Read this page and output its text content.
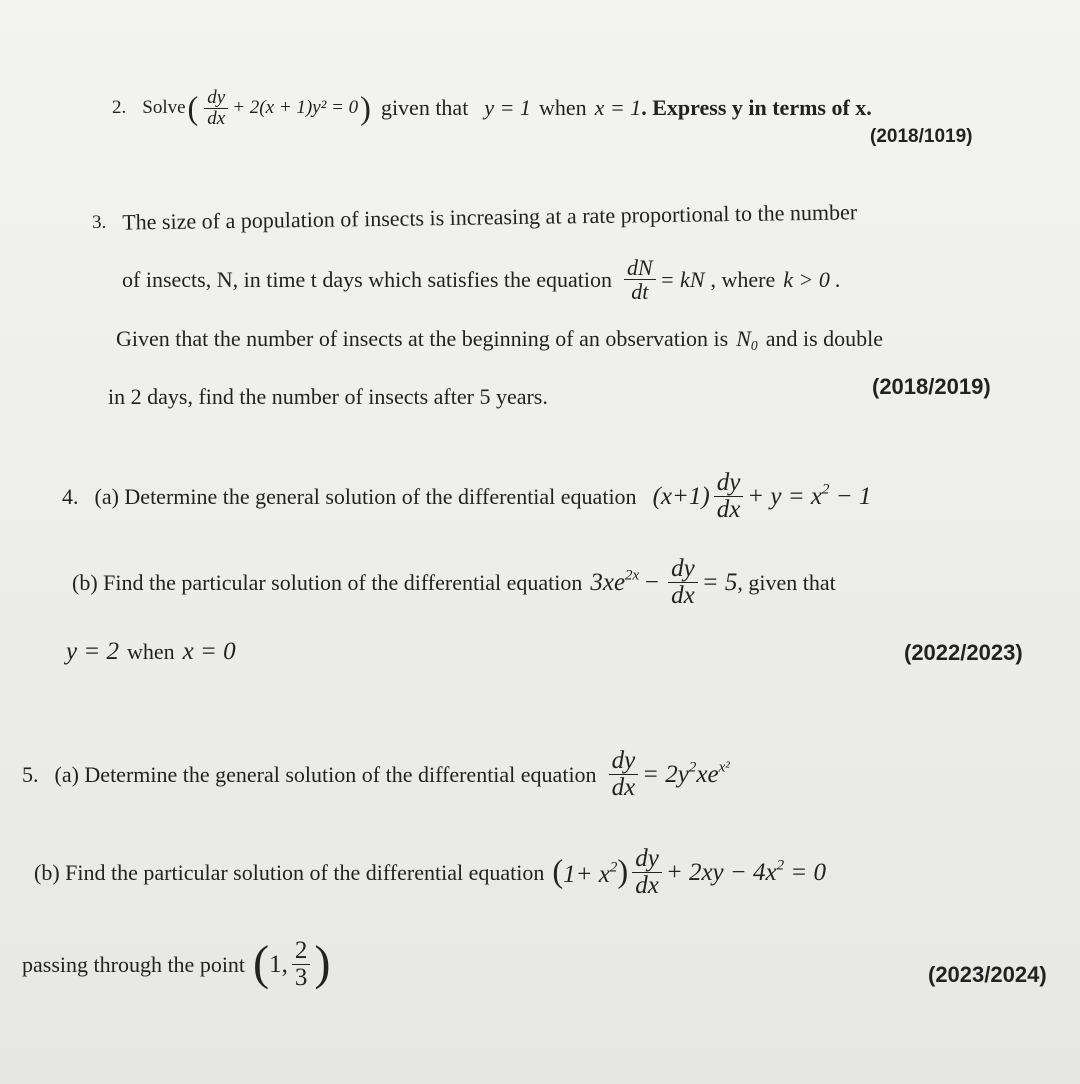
2. Solve ( $\frac{dy}{dx} + 2(x + 1)y^2 = 0$ ) given that y = 1 when x = 1 . Express y in terms of x.
(2018/1019)
3. The size of a population of insects is increasing at a rate proportional to the number
of insects, N, in time t days which satisfies the equation $\frac{dN}{dt}$ = kN , where k > 0 .
Given that the number of insects at the beginning of an observation is $N_0$ and is double
in 2 days, find the number of insects after 5 years.	(2018/2019)
4. (a) Determine the general solution of the differential equation $(x+1) \frac{dy}{dx} + y = x^2 - 1$
(b) Find the particular solution of the differential equation $3xe^{2x} - \frac{dy}{dx} = 5$ , given that
y = 2 when x = 0	(2022/2023)
5. (a) Determine the general solution of the differential equation $\frac{dy}{dx} = 2y^2xe^{x^2}$
(b) Find the particular solution of the differential equation $(1+ x^2) \frac{dy}{dx} + 2xy - 4x^2 = 0$
passing through the point ( 1, $\frac{2}{3}$ )	(2023/2024)
